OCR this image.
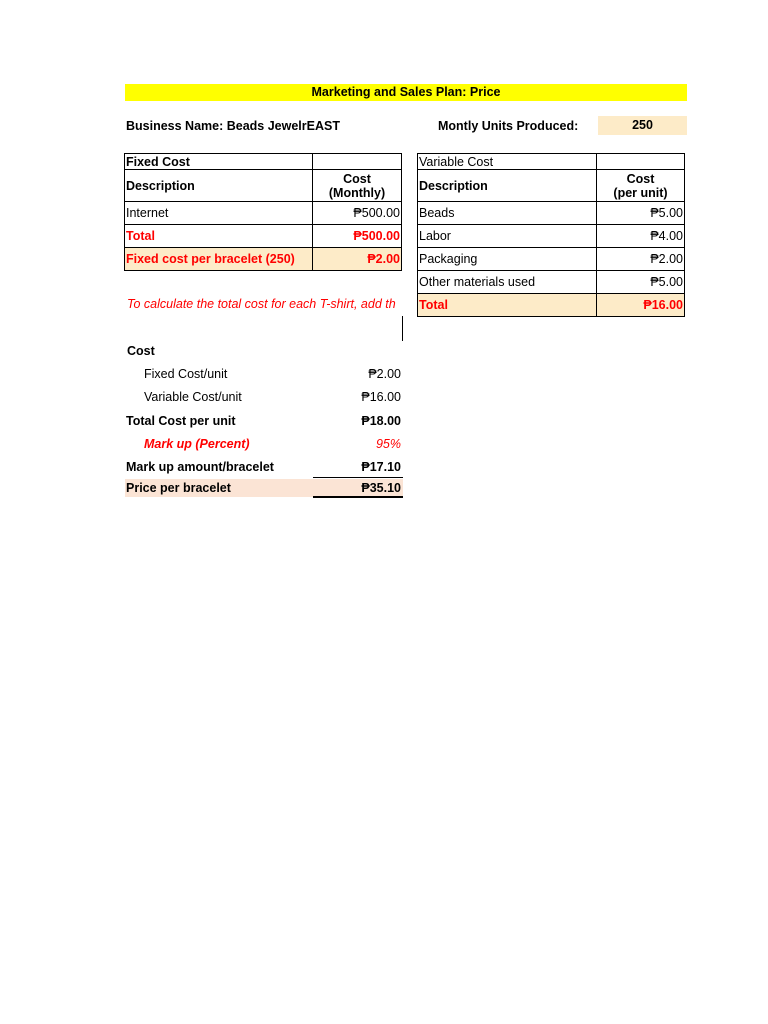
Marketing and Sales Plan: Price
Business Name: Beads JewelrEAST	Montly Units Produced:	250
Fixed Cost	
Description	Cost
(Monthly)
Internet	₱500.00
Total	₱500.00
Fixed cost per bracelet (250)	₱2.00
Variable Cost	
Description	Cost
(per unit)
Beads	₱5.00
Labor	₱4.00
Packaging	₱2.00
Other materials used	₱5.00
Total	₱16.00
To calculate the total cost for each T-shirt, add th
Cost
Fixed Cost/unit	₱2.00
Variable Cost/unit	₱16.00
Total Cost per unit	₱18.00
Mark up (Percent)	95%
Mark up amount/bracelet	₱17.10
Price per bracelet	₱35.10
